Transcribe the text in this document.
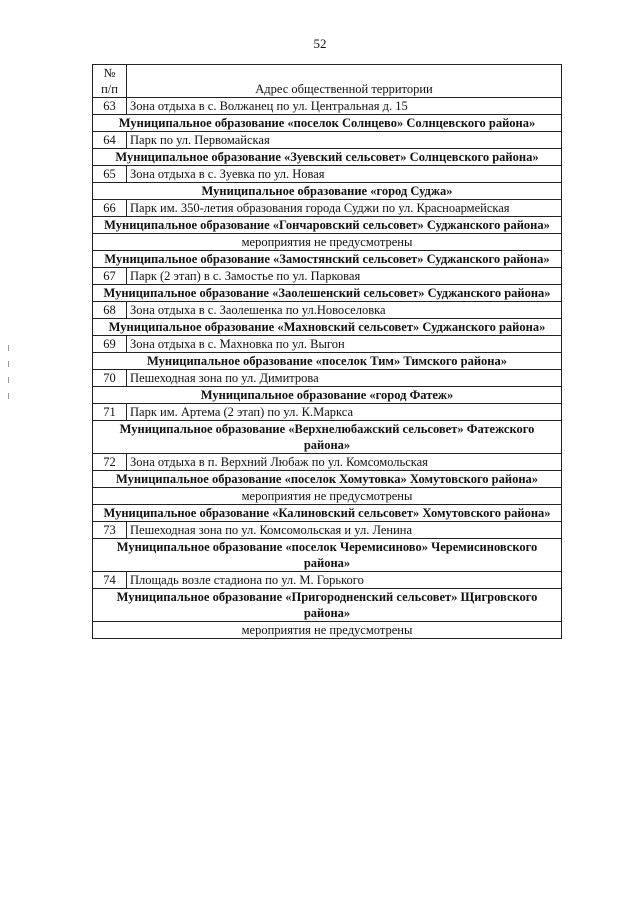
52
№
п/п	Адрес общественной территории
63	Зона отдыха в с. Волжанец по ул. Центральная д. 15
Муниципальное образование «поселок Солнцево» Солнцевского района»	
64	Парк по ул. Первомайская
Муниципальное образование «Зуевский сельсовет» Солнцевского района»	
65	Зона отдыха в с. Зуевка по ул. Новая
Муниципальное образование «город Суджа»	
66	Парк им. 350-летия образования города Суджи по ул. Красноармейская
Муниципальное образование «Гончаровский сельсовет» Суджанского района»	
мероприятия не предусмотрены	
Муниципальное образование «Замостянский сельсовет» Суджанского района»	
67	Парк (2 этап) в с. Замостье по ул. Парковая
Муниципальное образование «Заолешенский сельсовет» Суджанского района»	
68	Зона отдыха в с. Заолешенка по ул.Новоселовка
Муниципальное образование «Махновский сельсовет» Суджанского района»	
69	Зона отдыха в с. Махновка по ул. Выгон
Муниципальное образование «поселок Тим» Тимского района»	
70	Пешеходная зона по ул. Димитрова
Муниципальное образование «город Фатеж»	
71	Парк им. Артема (2 этап) по ул. К.Маркса
Муниципальное образование «Верхнелюбажский сельсовет» Фатежского района»	
72	Зона отдыха в п. Верхний Любаж по ул. Комсомольская
Муниципальное образование «поселок Хомутовка» Хомутовского района»	
мероприятия не предусмотрены	
Муниципальное образование «Калиновский сельсовет» Хомутовского района»	
73	Пешеходная зона по ул. Комсомольская и ул. Ленина
Муниципальное образование «поселок Черемисиново» Черемисиновского района»	
74	Площадь возле стадиона по ул. М. Горького
Муниципальное образование «Пригородненский сельсовет» Щигровского района»	
мероприятия не предусмотрены	
